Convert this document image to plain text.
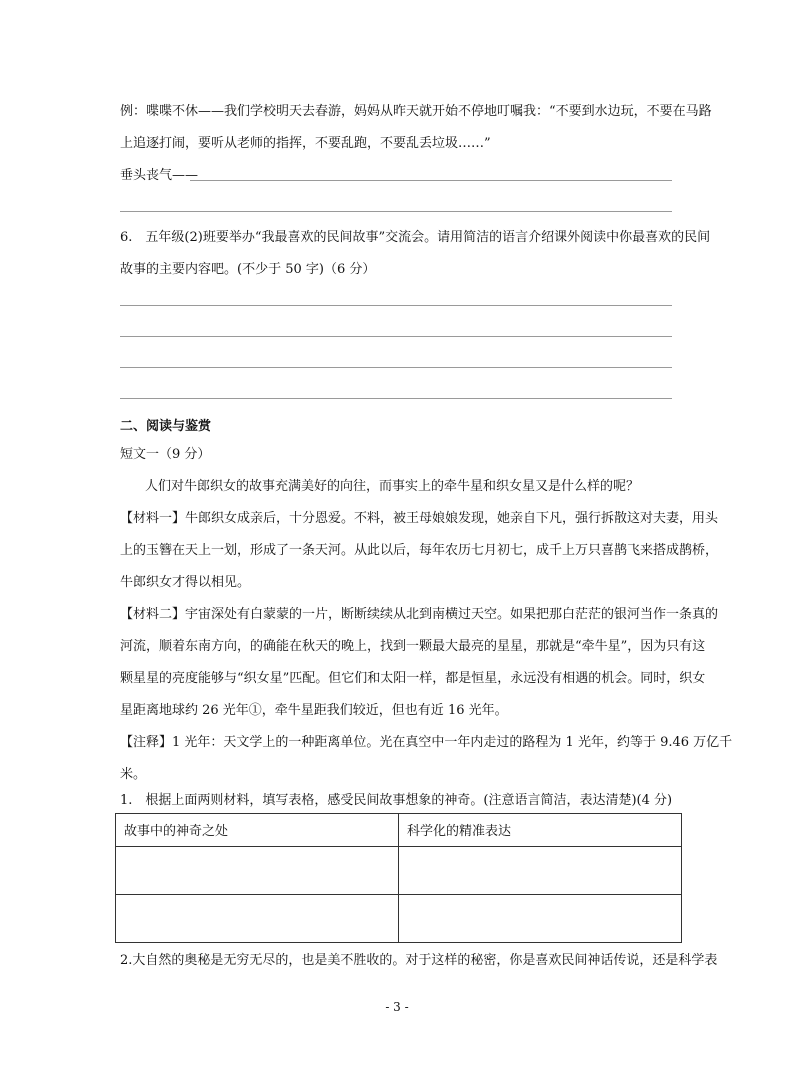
例：喋喋不休——我们学校明天去春游，妈妈从昨天就开始不停地叮嘱我：“不要到水边玩，不要在马路
上追逐打闹，要听从老师的指挥，不要乱跑，不要乱丢垃圾……”
垂头丧气——
6.　五年级(2)班要举办“我最喜欢的民间故事”交流会。请用简洁的语言介绍课外阅读中你最喜欢的民间
故事的主要内容吧。(不少于 50 字)（6 分）
二、阅读与鉴赏
短文一（9 分）
人们对牛郎织女的故事充满美好的向往，而事实上的牵牛星和织女星又是什么样的呢？
【材料一】牛郎织女成亲后，十分恩爱。不料，被王母娘娘发现，她亲自下凡，强行拆散这对夫妻，用头
上的玉簪在天上一划，形成了一条天河。从此以后，每年农历七月初七，成千上万只喜鹊飞来搭成鹊桥，
牛郎织女才得以相见。
【材料二】宇宙深处有白蒙蒙的一片，断断续续从北到南横过天空。如果把那白茫茫的银河当作一条真的
河流，顺着东南方向，的确能在秋天的晚上，找到一颗最大最亮的星星，那就是“牵牛星”，因为只有这
颗星星的亮度能够与“织女星”匹配。但它们和太阳一样，都是恒星，永远没有相遇的机会。同时，织女
星距离地球约 26 光年①，牵牛星距我们较近，但也有近 16 光年。
【注释】1 光年：天文学上的一种距离单位。光在真空中一年内走过的路程为 1 光年，约等于 9.46 万亿千
米。
1.　根据上面两则材料，填写表格，感受民间故事想象的神奇。(注意语言简洁，表达清楚)(4 分)
故事中的神奇之处	科学化的精准表达

2.大自然的奥秘是无穷无尽的，也是美不胜收的。对于这样的秘密，你是喜欢民间神话传说，还是科学表
- 3 -
